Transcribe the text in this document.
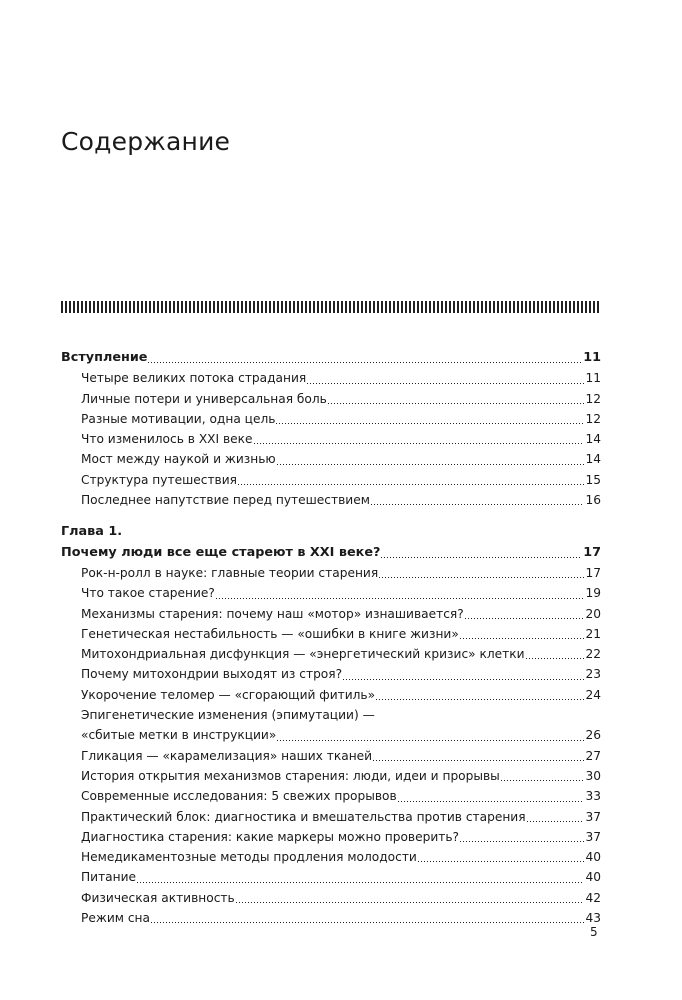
Содержание
Вступление	11
Четыре великих потока страдания	11
Личные потери и универсальная боль	12
Разные мотивации, одна цель	12
Что изменилось в XXI веке	14
Мост между наукой и жизнью	14
Структура путешествия	15
Последнее напутствие перед путешествием	16
Глава 1.
Почему люди все еще стареют в XXI веке?	17
Рок-н-ролл в науке: главные теории старения	17
Что такое старение?	19
Механизмы старения: почему наш «мотор» изнашивается?	20
Генетическая нестабильность — «ошибки в книге жизни»	21
Митохондриальная дисфункция — «энергетический кризис» клетки	22
Почему митохондрии выходят из строя?	23
Укорочение теломер — «сгорающий фитиль»	24
Эпигенетические изменения (эпимутации) —
«сбитые метки в инструкции»	26
Гликация — «карамелизация» наших тканей	27
История открытия механизмов старения: люди, идеи и прорывы	30
Современные исследования: 5 свежих прорывов	33
Практический блок: диагностика и вмешательства против старения	37
Диагностика старения: какие маркеры можно проверить?	37
Немедикаментозные методы продления молодости	40
Питание	40
Физическая активность	42
Режим сна	43
5
